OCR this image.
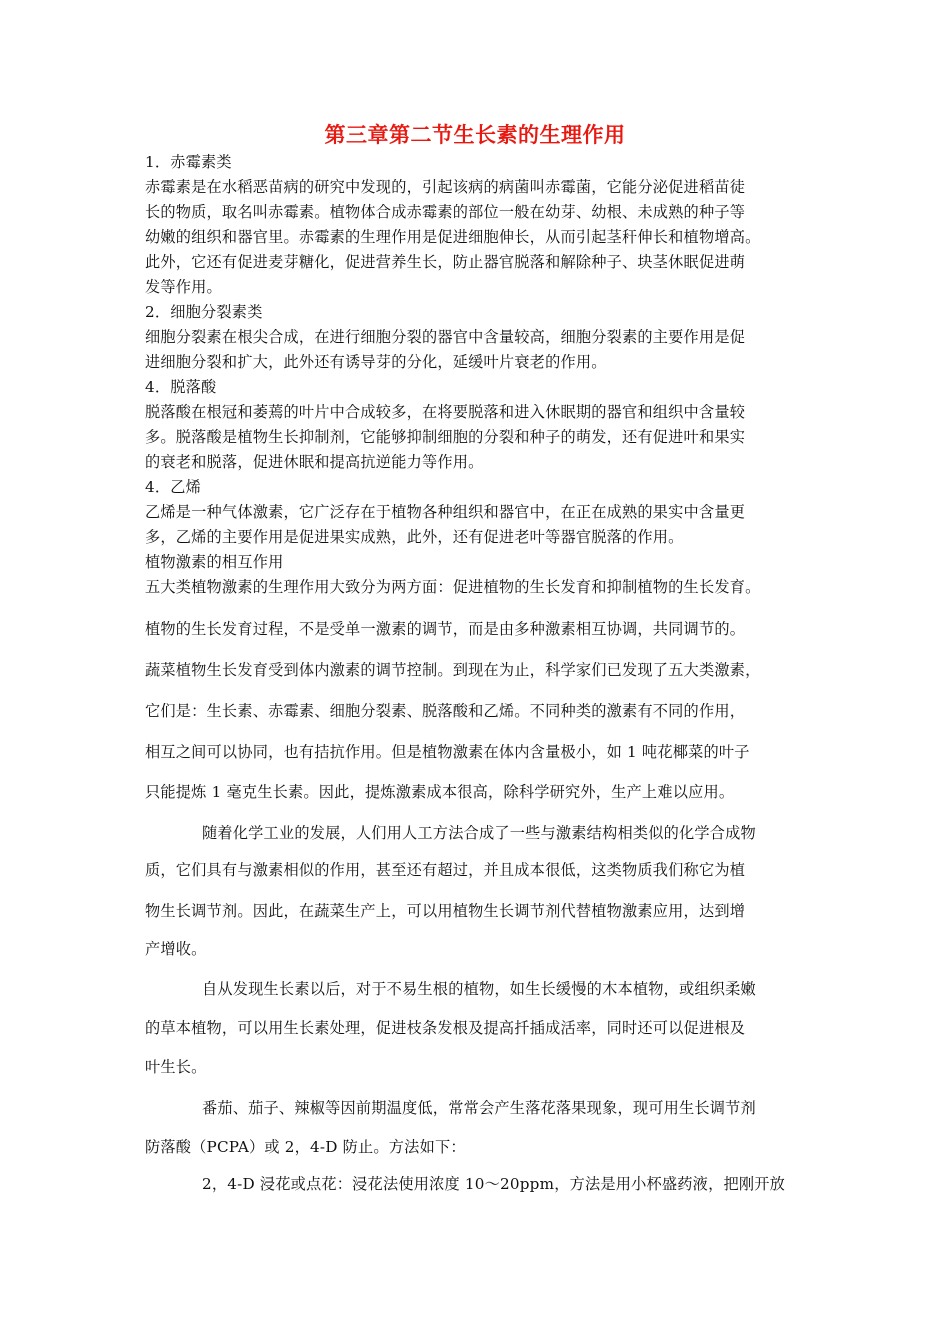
第三章第二节生长素的生理作用
1．赤霉素类
赤霉素是在水稻恶苗病的研究中发现的，引起该病的病菌叫赤霉菌，它能分泌促进稻苗徒
长的物质，取名叫赤霉素。植物体合成赤霉素的部位一般在幼芽、幼根、未成熟的种子等
幼嫩的组织和器官里。赤霉素的生理作用是促进细胞伸长，从而引起茎秆伸长和植物增高。
此外，它还有促进麦芽糖化，促进营养生长，防止器官脱落和解除种子、块茎休眠促进萌
发等作用。
2．细胞分裂素类
细胞分裂素在根尖合成，在进行细胞分裂的器官中含量较高，细胞分裂素的主要作用是促
进细胞分裂和扩大，此外还有诱导芽的分化，延缓叶片衰老的作用。
4．脱落酸
脱落酸在根冠和萎蔫的叶片中合成较多，在将要脱落和进入休眠期的器官和组织中含量较
多。脱落酸是植物生长抑制剂，它能够抑制细胞的分裂和种子的萌发，还有促进叶和果实
的衰老和脱落，促进休眠和提高抗逆能力等作用。
4．乙烯
乙烯是一种气体激素，它广泛存在于植物各种组织和器官中，在正在成熟的果实中含量更
多，乙烯的主要作用是促进果实成熟，此外，还有促进老叶等器官脱落的作用。
植物激素的相互作用
五大类植物激素的生理作用大致分为两方面：促进植物的生长发育和抑制植物的生长发育。
植物的生长发育过程，不是受单一激素的调节，而是由多种激素相互协调，共同调节的。
蔬菜植物生长发育受到体内激素的调节控制。到现在为止，科学家们已发现了五大类激素，
它们是：生长素、赤霉素、细胞分裂素、脱落酸和乙烯。不同种类的激素有不同的作用，
相互之间可以协同，也有拮抗作用。但是植物激素在体内含量极小，如 1 吨花椰菜的叶子
只能提炼 1 毫克生长素。因此，提炼激素成本很高，除科学研究外，生产上难以应用。
随着化学工业的发展，人们用人工方法合成了一些与激素结构相类似的化学合成物
质，它们具有与激素相似的作用，甚至还有超过，并且成本很低，这类物质我们称它为植
物生长调节剂。因此，在蔬菜生产上，可以用植物生长调节剂代替植物激素应用，达到增
产增收。
自从发现生长素以后，对于不易生根的植物，如生长缓慢的木本植物，或组织柔嫩
的草本植物，可以用生长素处理，促进枝条发根及提高扦插成活率，同时还可以促进根及
叶生长。
番茄、茄子、辣椒等因前期温度低，常常会产生落花落果现象，现可用生长调节剂
防落酸（PCPA）或 2，4-D 防止。方法如下：
2，4-D 浸花或点花：浸花法使用浓度 10～20ppm，方法是用小杯盛药液，把刚开放
